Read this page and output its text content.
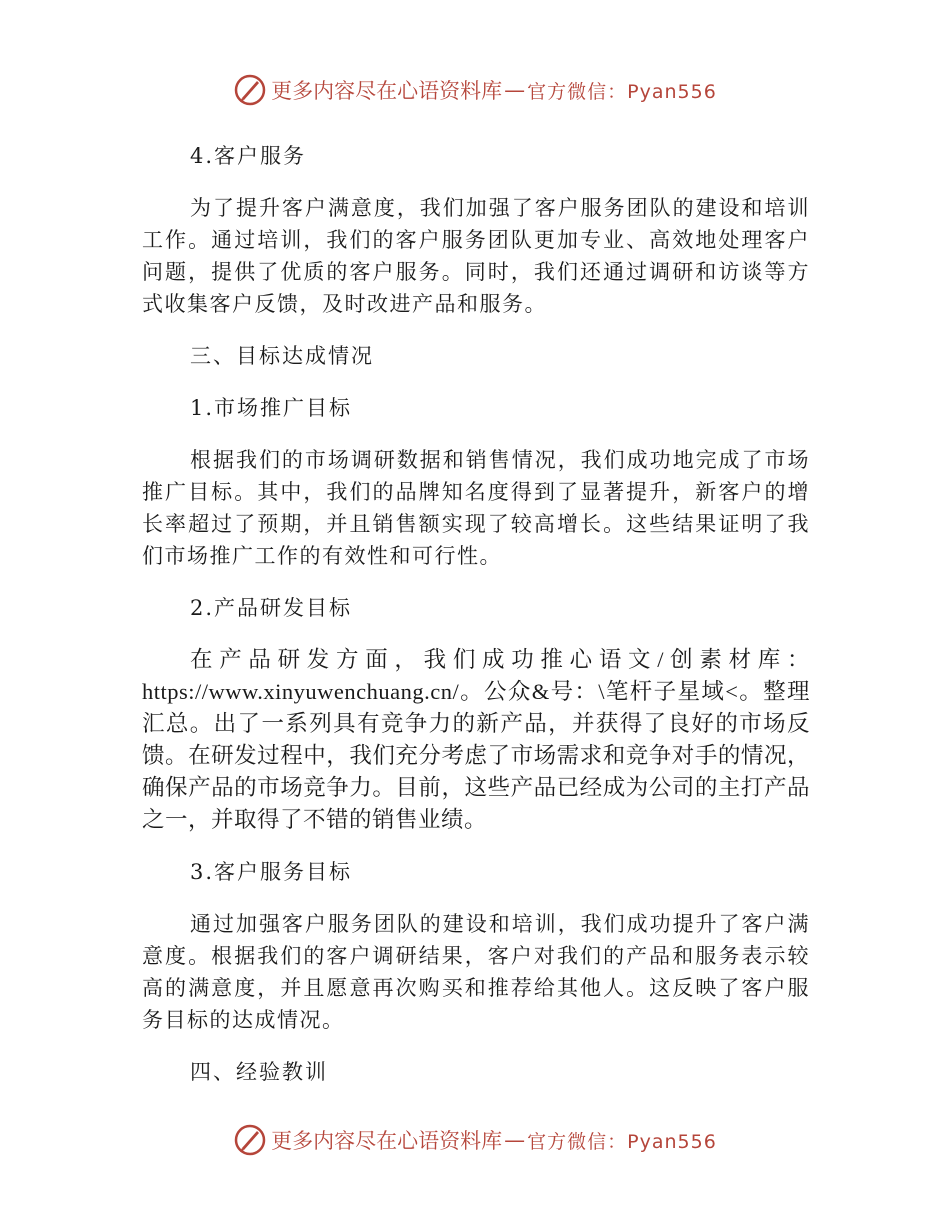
更多内容尽在心语资料库 — 官方微信：Pyan556
4.客户服务
为了提升客户满意度，我们加强了客户服务团队的建设和培训工作。通过培训，我们的客户服务团队更加专业、高效地处理客户问题，提供了优质的客户服务。同时，我们还通过调研和访谈等方式收集客户反馈，及时改进产品和服务。
三、目标达成情况
1.市场推广目标
根据我们的市场调研数据和销售情况，我们成功地完成了市场推广目标。其中，我们的品牌知名度得到了显著提升，新客户的增长率超过了预期，并且销售额实现了较高增长。这些结果证明了我们市场推广工作的有效性和可行性。
2.产品研发目标
在产品研发方面，我们成功推心语文/创素材库：https://www.xinyuwenchuang.cn/。公众&号：\笔杆子星域<。整理汇总。出了一系列具有竞争力的新产品，并获得了良好的市场反馈。在研发过程中，我们充分考虑了市场需求和竞争对手的情况，确保产品的市场竞争力。目前，这些产品已经成为公司的主打产品之一，并取得了不错的销售业绩。
3.客户服务目标
通过加强客户服务团队的建设和培训，我们成功提升了客户满意度。根据我们的客户调研结果，客户对我们的产品和服务表示较高的满意度，并且愿意再次购买和推荐给其他人。这反映了客户服务目标的达成情况。
四、经验教训
更多内容尽在心语资料库 — 官方微信：Pyan556
